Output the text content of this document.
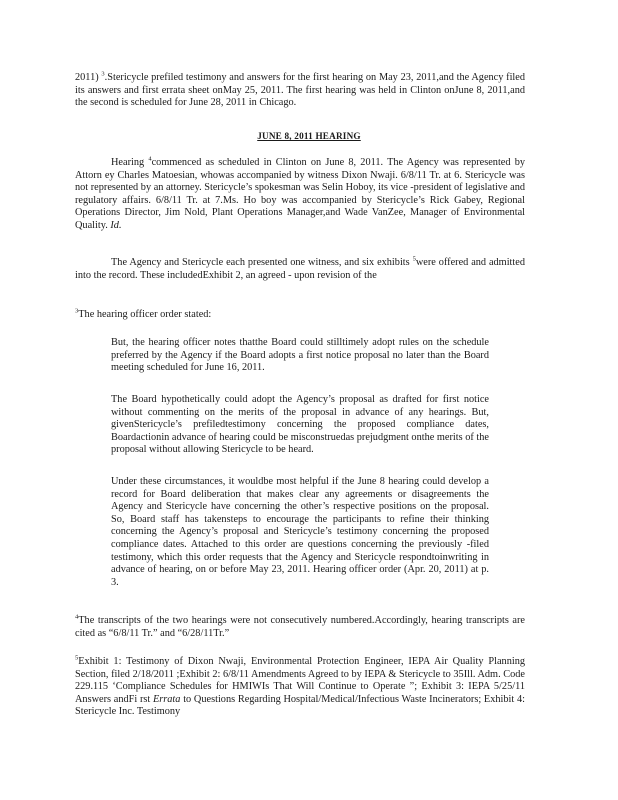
2011) $^3$.Stericycle prefiled testimony and answers for the first hearing on May 23, 2011,and the Agency filed its answers and first errata sheet onMay 25, 2011. The first hearing was held in Clinton onJune 8, 2011,and the second is scheduled for June 28, 2011 in Chicago.

JUNE 8, 2011 HEARING

Hearing $^4$commenced as scheduled in Clinton on June 8, 2011. The Agency was represented by Attorn ey Charles Matoesian, whowas accompanied by witness Dixon Nwaji. 6/8/11 Tr. at 6. Stericycle was not represented by an attorney. Stericycle’s spokesman was Selin Hoboy, its vice -president of legislative and regulatory affairs. 6/8/11 Tr. at 7.Ms. Ho boy was accompanied by Stericycle’s Rick Gabey, Regional Operations Director, Jim Nold, Plant Operations Manager,and Wade VanZee, Manager of Environmental Quality. Id.

The Agency and Stericycle each presented one witness, and six exhibits $^5$were offered and admitted into the record. These includedExhibit 2, an agreed - upon revision of the

$^3$The hearing officer order stated:

But, the hearing officer notes thatthe Board could stilltimely adopt rules on the schedule preferred by the Agency if the Board adopts a first notice proposal no later than the Board meeting scheduled for June 16, 2011.

The Board hypothetically could adopt the Agency’s proposal as drafted for first notice without commenting on the merits of the proposal in advance of any hearings. But, givenStericycle’s prefiledtestimony concerning the proposed compliance dates, Boardactionin advance of hearing could be misconstruedas prejudgment onthe merits of the proposal without allowing Stericycle to be heard.

Under these circumstances, it wouldbe most helpful if the June 8 hearing could develop a record for Board deliberation that makes clear any agreements or disagreements the Agency and Stericycle have concerning the other’s respective positions on the proposal. So, Board staff has takensteps to encourage the participants to refine their thinking concerning the Agency’s proposal and Stericycle’s testimony concerning the proposed compliance dates. Attached to this order are questions concerning the previously -filed testimony, which this order requests that the Agency and Stericycle respondtoinwriting in advance of hearing, on or before May 23, 2011. Hearing officer order (Apr. 20, 2011) at p. 3.

$^4$The transcripts of the two hearings were not consecutively numbered.Accordingly, hearing transcripts are cited as “6/8/11 Tr.” and “6/28/11Tr.”

$^5$Exhibit 1: Testimony of Dixon Nwaji, Environmental Protection Engineer, IEPA Air Quality Planning Section, filed 2/18/2011 ;Exhibit 2: 6/8/11 Amendments Agreed to by IEPA & Stericycle to 35Ill. Adm. Code 229.115 ‘Compliance Schedules for HMIWIs That Will Continue to Operate ”; Exhibit 3: IEPA 5/25/11 Answers andFi rst Errata to Questions Regarding Hospital/Medical/Infectious Waste Incinerators; Exhibit 4: Stericycle Inc. Testimony
